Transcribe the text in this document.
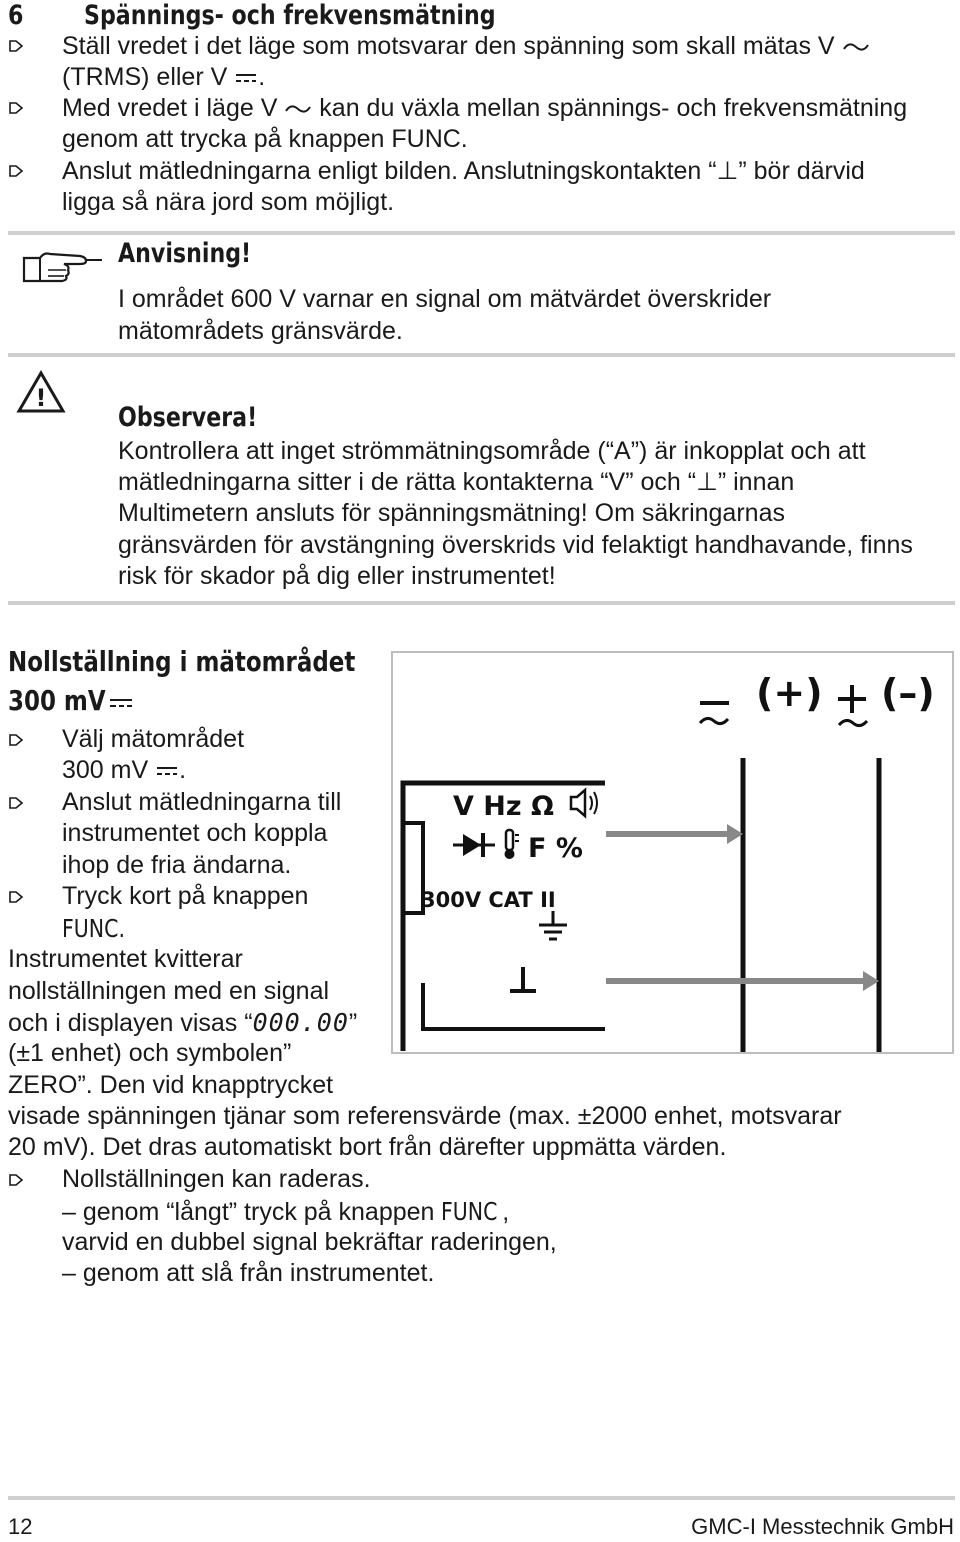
6 Spännings- och frekvensmätning
Ställ vredet i det läge som motsvarar den spänning som skall mätas V
(TRMS) eller V .
Med vredet i läge V  kan du växla mellan spännings- och frekvensmätning
genom att trycka på knappen FUNC.
Anslut mätledningarna enligt bilden. Anslutningskontakten “⊥” bör därvid
ligga så nära jord som möjligt.
Anvisning!
I området 600 V varnar en signal om mätvärdet överskrider
mätområdets gränsvärde.
!
Observera!
Kontrollera att inget strömmätningsområde (“A”) är inkopplat och att
mätledningarna sitter i de rätta kontakterna “V” och “⊥” innan
Multimetern ansluts för spänningsmätning! Om säkringarnas
gränsvärden för avstängning överskrids vid felaktigt handhavande, finns
risk för skador på dig eller instrumentet!
Nollställning i mätområdet
300 mV
Välj mätområdet
300 mV .
Anslut mätledningarna till
instrumentet och koppla
ihop de fria ändarna.
Tryck kort på knappen
FUNC.
Instrumentet kvitterar
nollställningen med en signal
och i displayen visas “000.00”
(±1 enhet) och symbolen”
ZERO”. Den vid knapptrycket
visade spänningen tjänar som referensvärde (max. ±2000 enhet, motsvarar
20 mV). Det dras automatiskt bort från därefter uppmätta värden.
Nollställningen kan raderas.
– genom “långt” tryck på knappen FUNC ,
varvid en dubbel signal bekräftar raderingen,
– genom att slå från instrumentet.
V Hz Ω
F %
300V CAT II
(+) (–)
12	GMC-I Messtechnik GmbH
